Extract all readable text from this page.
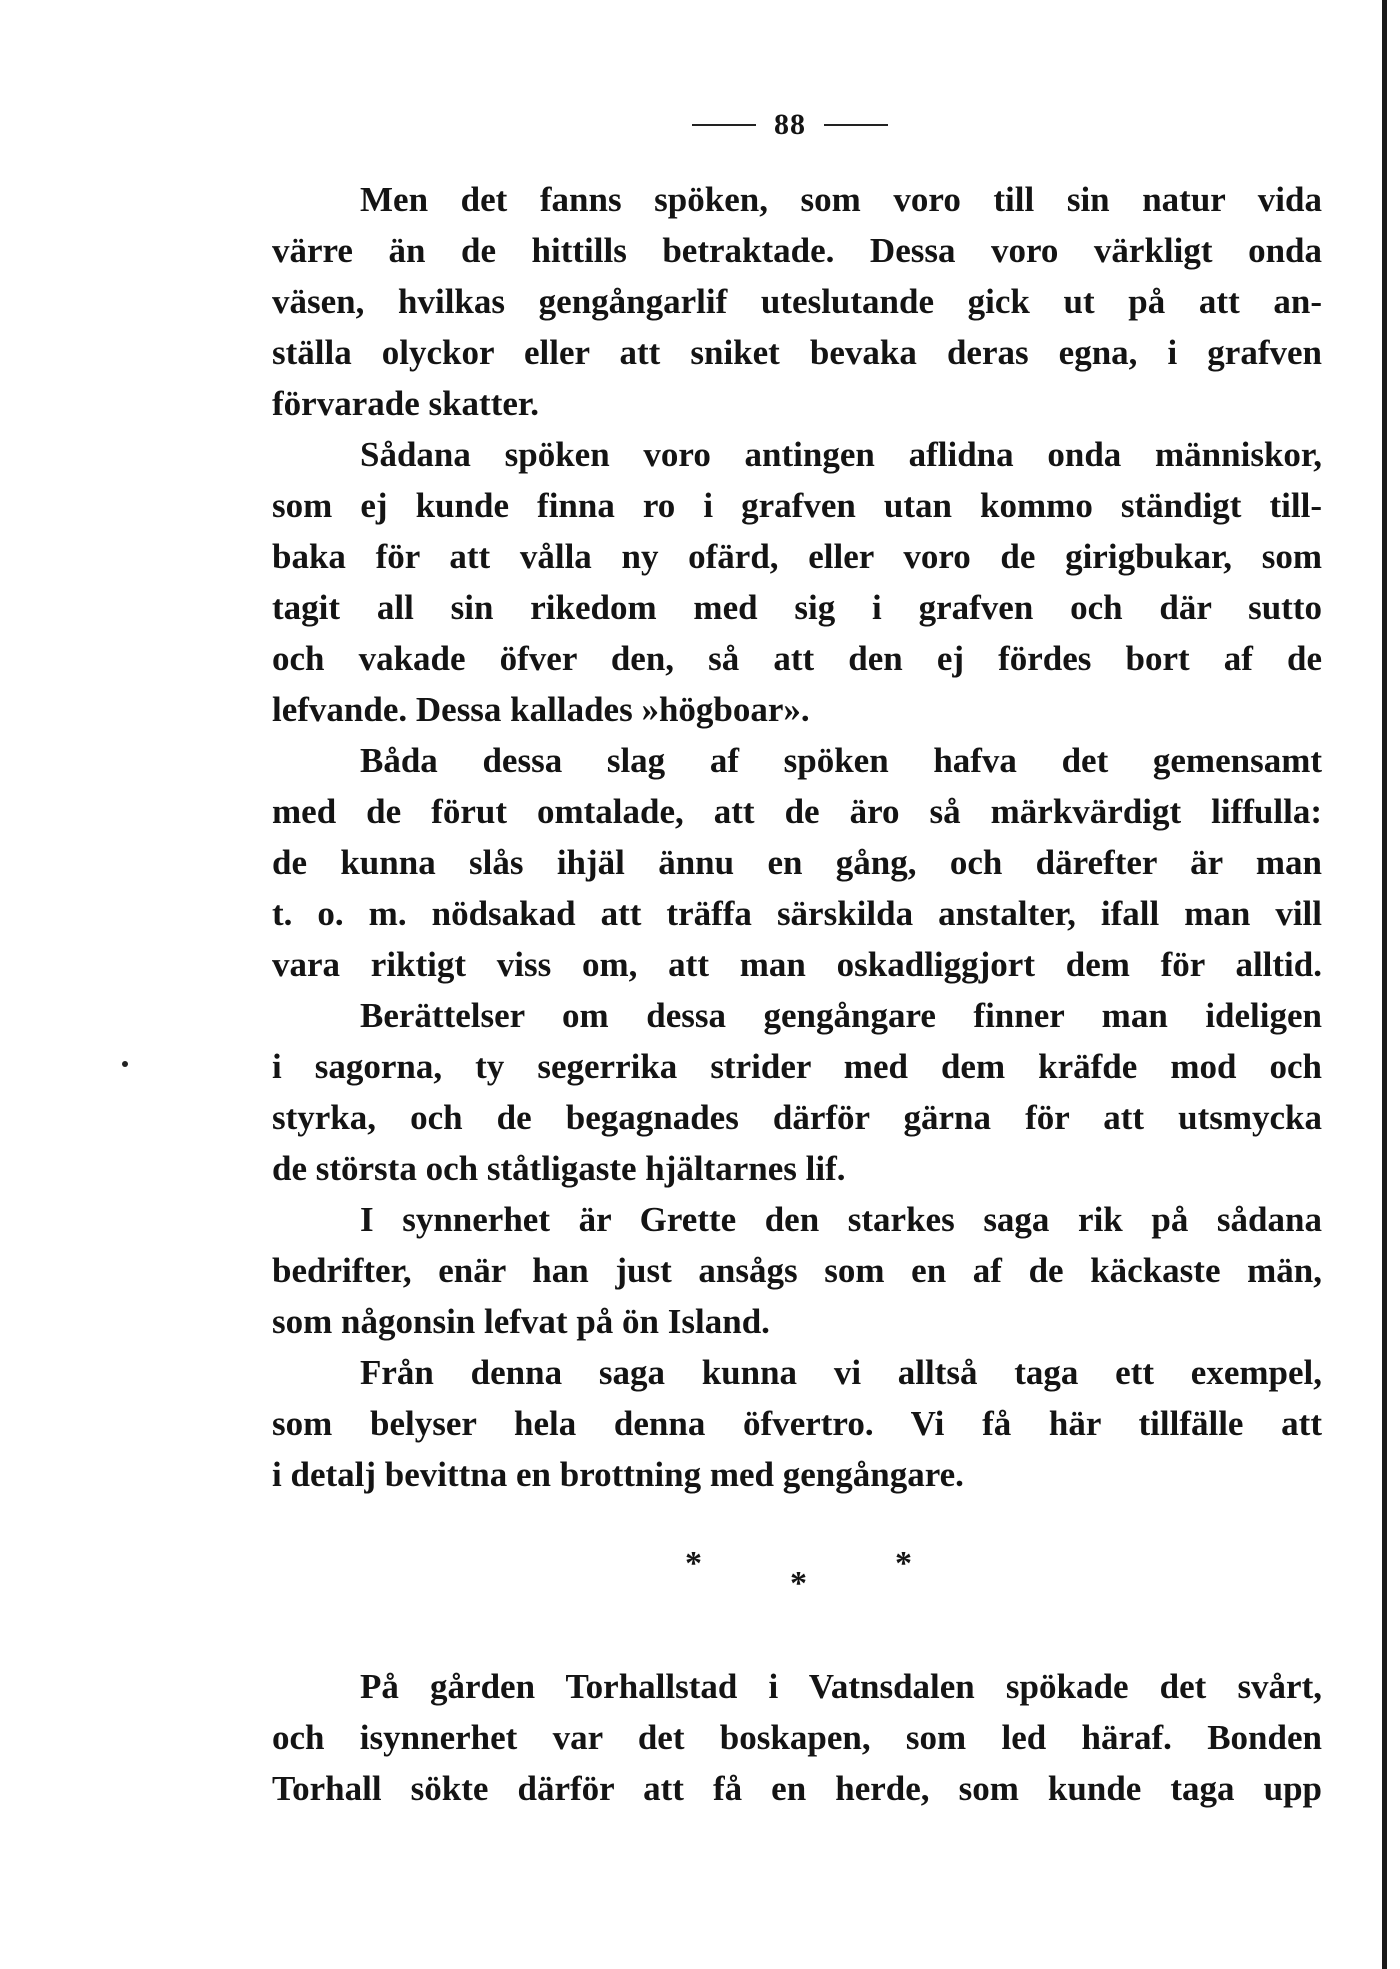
88
Men det fanns spöken, som voro till sin natur vida
värre än de hittills betraktade. Dessa voro värkligt onda
väsen, hvilkas gengångarlif uteslutande gick ut på att an-
ställa olyckor eller att sniket bevaka deras egna, i grafven
förvarade skatter.
Sådana spöken voro antingen aflidna onda människor,
som ej kunde finna ro i grafven utan kommo ständigt till-
baka för att vålla ny ofärd, eller voro de girigbukar, som
tagit all sin rikedom med sig i grafven och där sutto
och vakade öfver den, så att den ej fördes bort af de
lefvande. Dessa kallades »högboar».
Båda dessa slag af spöken hafva det gemensamt
med de förut omtalade, att de äro så märkvärdigt liffulla:
de kunna slås ihjäl ännu en gång, och därefter är man
t. o. m. nödsakad att träffa särskilda anstalter, ifall man vill
vara riktigt viss om, att man oskadliggjort dem för alltid.
Berättelser om dessa gengångare finner man ideligen
i sagorna, ty segerrika strider med dem kräfde mod och
styrka, och de begagnades därför gärna för att utsmycka
de största och ståtligaste hjältarnes lif.
I synnerhet är Grette den starkes saga rik på sådana
bedrifter, enär han just ansågs som en af de käckaste män,
som någonsin lefvat på ön Island.
Från denna saga kunna vi alltså taga ett exempel,
som belyser hela denna öfvertro. Vi få här tillfälle att
i detalj bevittna en brottning med gengångare.
*
*
*
På gården Torhallstad i Vatnsdalen spökade det svårt,
och isynnerhet var det boskapen, som led häraf. Bonden
Torhall sökte därför att få en herde, som kunde taga upp
